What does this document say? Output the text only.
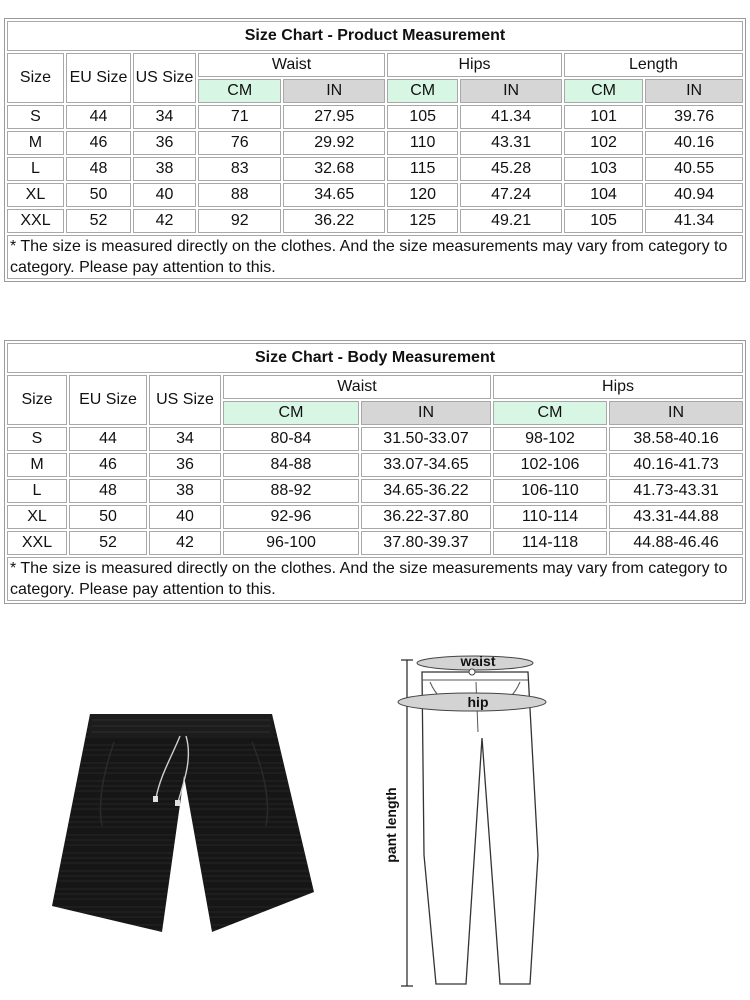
Size Chart - Product Measurement								
Size	EU Size	US Size	Waist		Hips		Length	
			CM	IN	CM	IN	CM	IN
S	44	34	71	27.95	105	41.34	101	39.76
M	46	36	76	29.92	110	43.31	102	40.16
L	48	38	83	32.68	115	45.28	103	40.55
XL	50	40	88	34.65	120	47.24	104	40.94
XXL	52	42	92	36.22	125	49.21	105	41.34
* The size is measured directly on the clothes. And the size measurements may vary from category to category. Please pay attention to this.								
Size Chart - Body Measurement						
Size	EU Size	US Size	Waist		Hips	
			CM	IN	CM	IN
S	44	34	80-84	31.50-33.07	98-102	38.58-40.16
M	46	36	84-88	33.07-34.65	102-106	40.16-41.73
L	48	38	88-92	34.65-36.22	106-110	41.73-43.31
XL	50	40	92-96	36.22-37.80	110-114	43.31-44.88
XXL	52	42	96-100	37.80-39.37	114-118	44.88-46.46
* The size is measured directly on the clothes. And the size measurements may vary from category to category. Please pay attention to this.						
waist
hip
pant length
